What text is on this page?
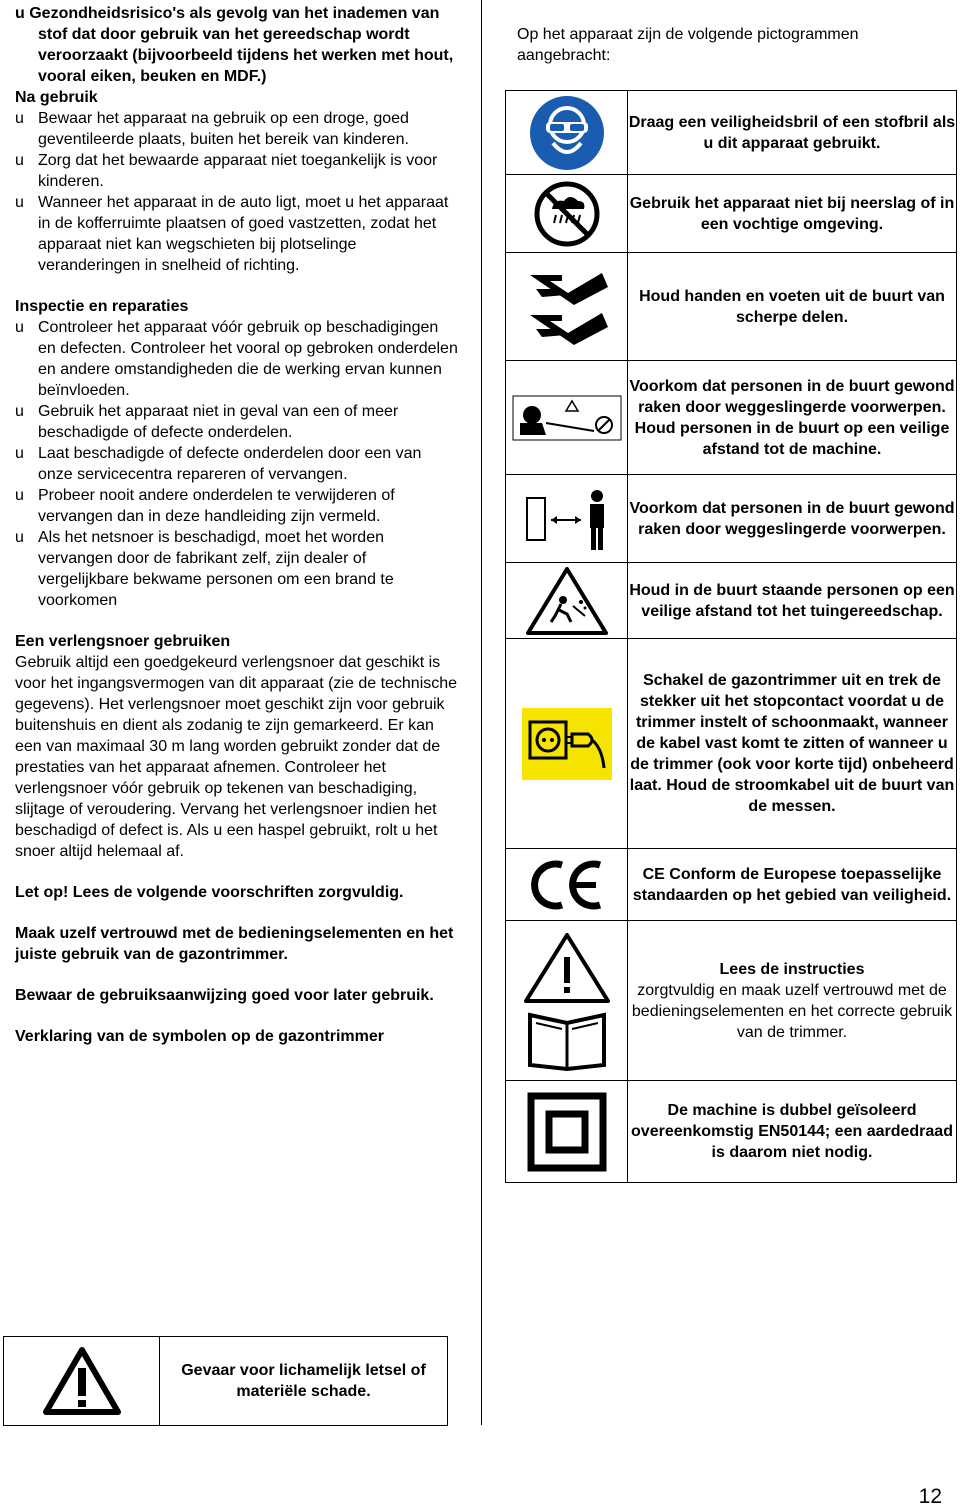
u Gezondheidsrisico's als gevolg van het inademen van stof dat door gebruik van het gereedschap wordt veroorzaakt (bijvoorbeeld tijdens het werken met hout, vooral eiken, beuken en MDF.)

Na gebruik

u Bewaar het apparaat na gebruik op een droge, goed geventileerde plaats, buiten het bereik van kinderen.

u Zorg dat het bewaarde apparaat niet toegankelijk is voor kinderen.

u Wanneer het apparaat in de auto ligt, moet u het apparaat in de kofferruimte plaatsen of goed vastzetten, zodat het apparaat niet kan wegschieten bij plotselinge veranderingen in snelheid of richting.

Inspectie en reparaties

u Controleer het apparaat vóór gebruik op beschadigingen en defecten. Controleer het vooral op gebroken onderdelen en andere omstandigheden die de werking ervan kunnen beïnvloeden.

u Gebruik het apparaat niet in geval van een of meer beschadigde of defecte onderdelen.

u Laat beschadigde of defecte onderdelen door een van onze servicecentra repareren of vervangen.

u Probeer nooit andere onderdelen te verwijderen of vervangen dan in deze handleiding zijn vermeld.

u Als het netsnoer is beschadigd, moet het worden vervangen door de fabrikant zelf, zijn dealer of vergelijkbare bekwame personen om een brand te voorkomen

Een verlengsnoer gebruiken

Gebruik altijd een goedgekeurd verlengsnoer dat geschikt is voor het ingangsvermogen van dit apparaat (zie de technische gegevens). Het verlengsnoer moet geschikt zijn voor gebruik buitenshuis en dient als zodanig te zijn gemarkeerd. Er kan een van maximaal 30 m lang worden gebruikt zonder dat de prestaties van het apparaat afnemen. Controleer het verlengsnoer vóór gebruik op tekenen van beschadiging, slijtage of veroudering. Vervang het verlengsnoer indien het beschadigd of defect is. Als u een haspel gebruikt, rolt u het snoer altijd helemaal af.

Let op! Lees de volgende voorschriften zorgvuldig.

Maak uzelf vertrouwd met de bedieningselementen en het juiste gebruik van de gazontrimmer.

Bewaar de gebruiksaanwijzing goed voor later gebruik.

Verklaring van de symbolen op de gazontrimmer

	Gevaar voor lichamelijk letsel of materiële schade.

Op het apparaat zijn de volgende pictogrammen aangebracht:

	Draag een veiligheidsbril of een stofbril als u dit apparaat gebruikt.

	Gebruik het apparaat niet bij neerslag of in een vochtige omgeving.

	Houd handen en voeten uit de buurt van scherpe delen.

	Voorkom dat personen in de buurt gewond raken door weggeslingerde voorwerpen. Houd personen in de buurt op een veilige afstand tot de machine.

	Voorkom dat personen in de buurt gewond raken door weggeslingerde voorwerpen.

	Houd in de buurt staande personen op een veilige afstand tot het tuingereedschap.

	Schakel de gazontrimmer uit en trek de stekker uit het stopcontact voordat u de trimmer instelt of schoonmaakt, wanneer de kabel vast komt te zitten of wanneer u de trimmer (ook voor korte tijd) onbeheerd laat. Houd de stroomkabel uit de buurt van de messen.

	CE Conform de Europese toepasselijke standaarden op het gebied van veiligheid.

Lees de instructies
zorgtvuldig en maak uzelf vertrouwd met de bedieningselementen en het correcte gebruik van de trimmer.

	De machine is dubbel geïsoleerd overeenkomstig EN50144; een aardedraad is daarom niet nodig.
12
